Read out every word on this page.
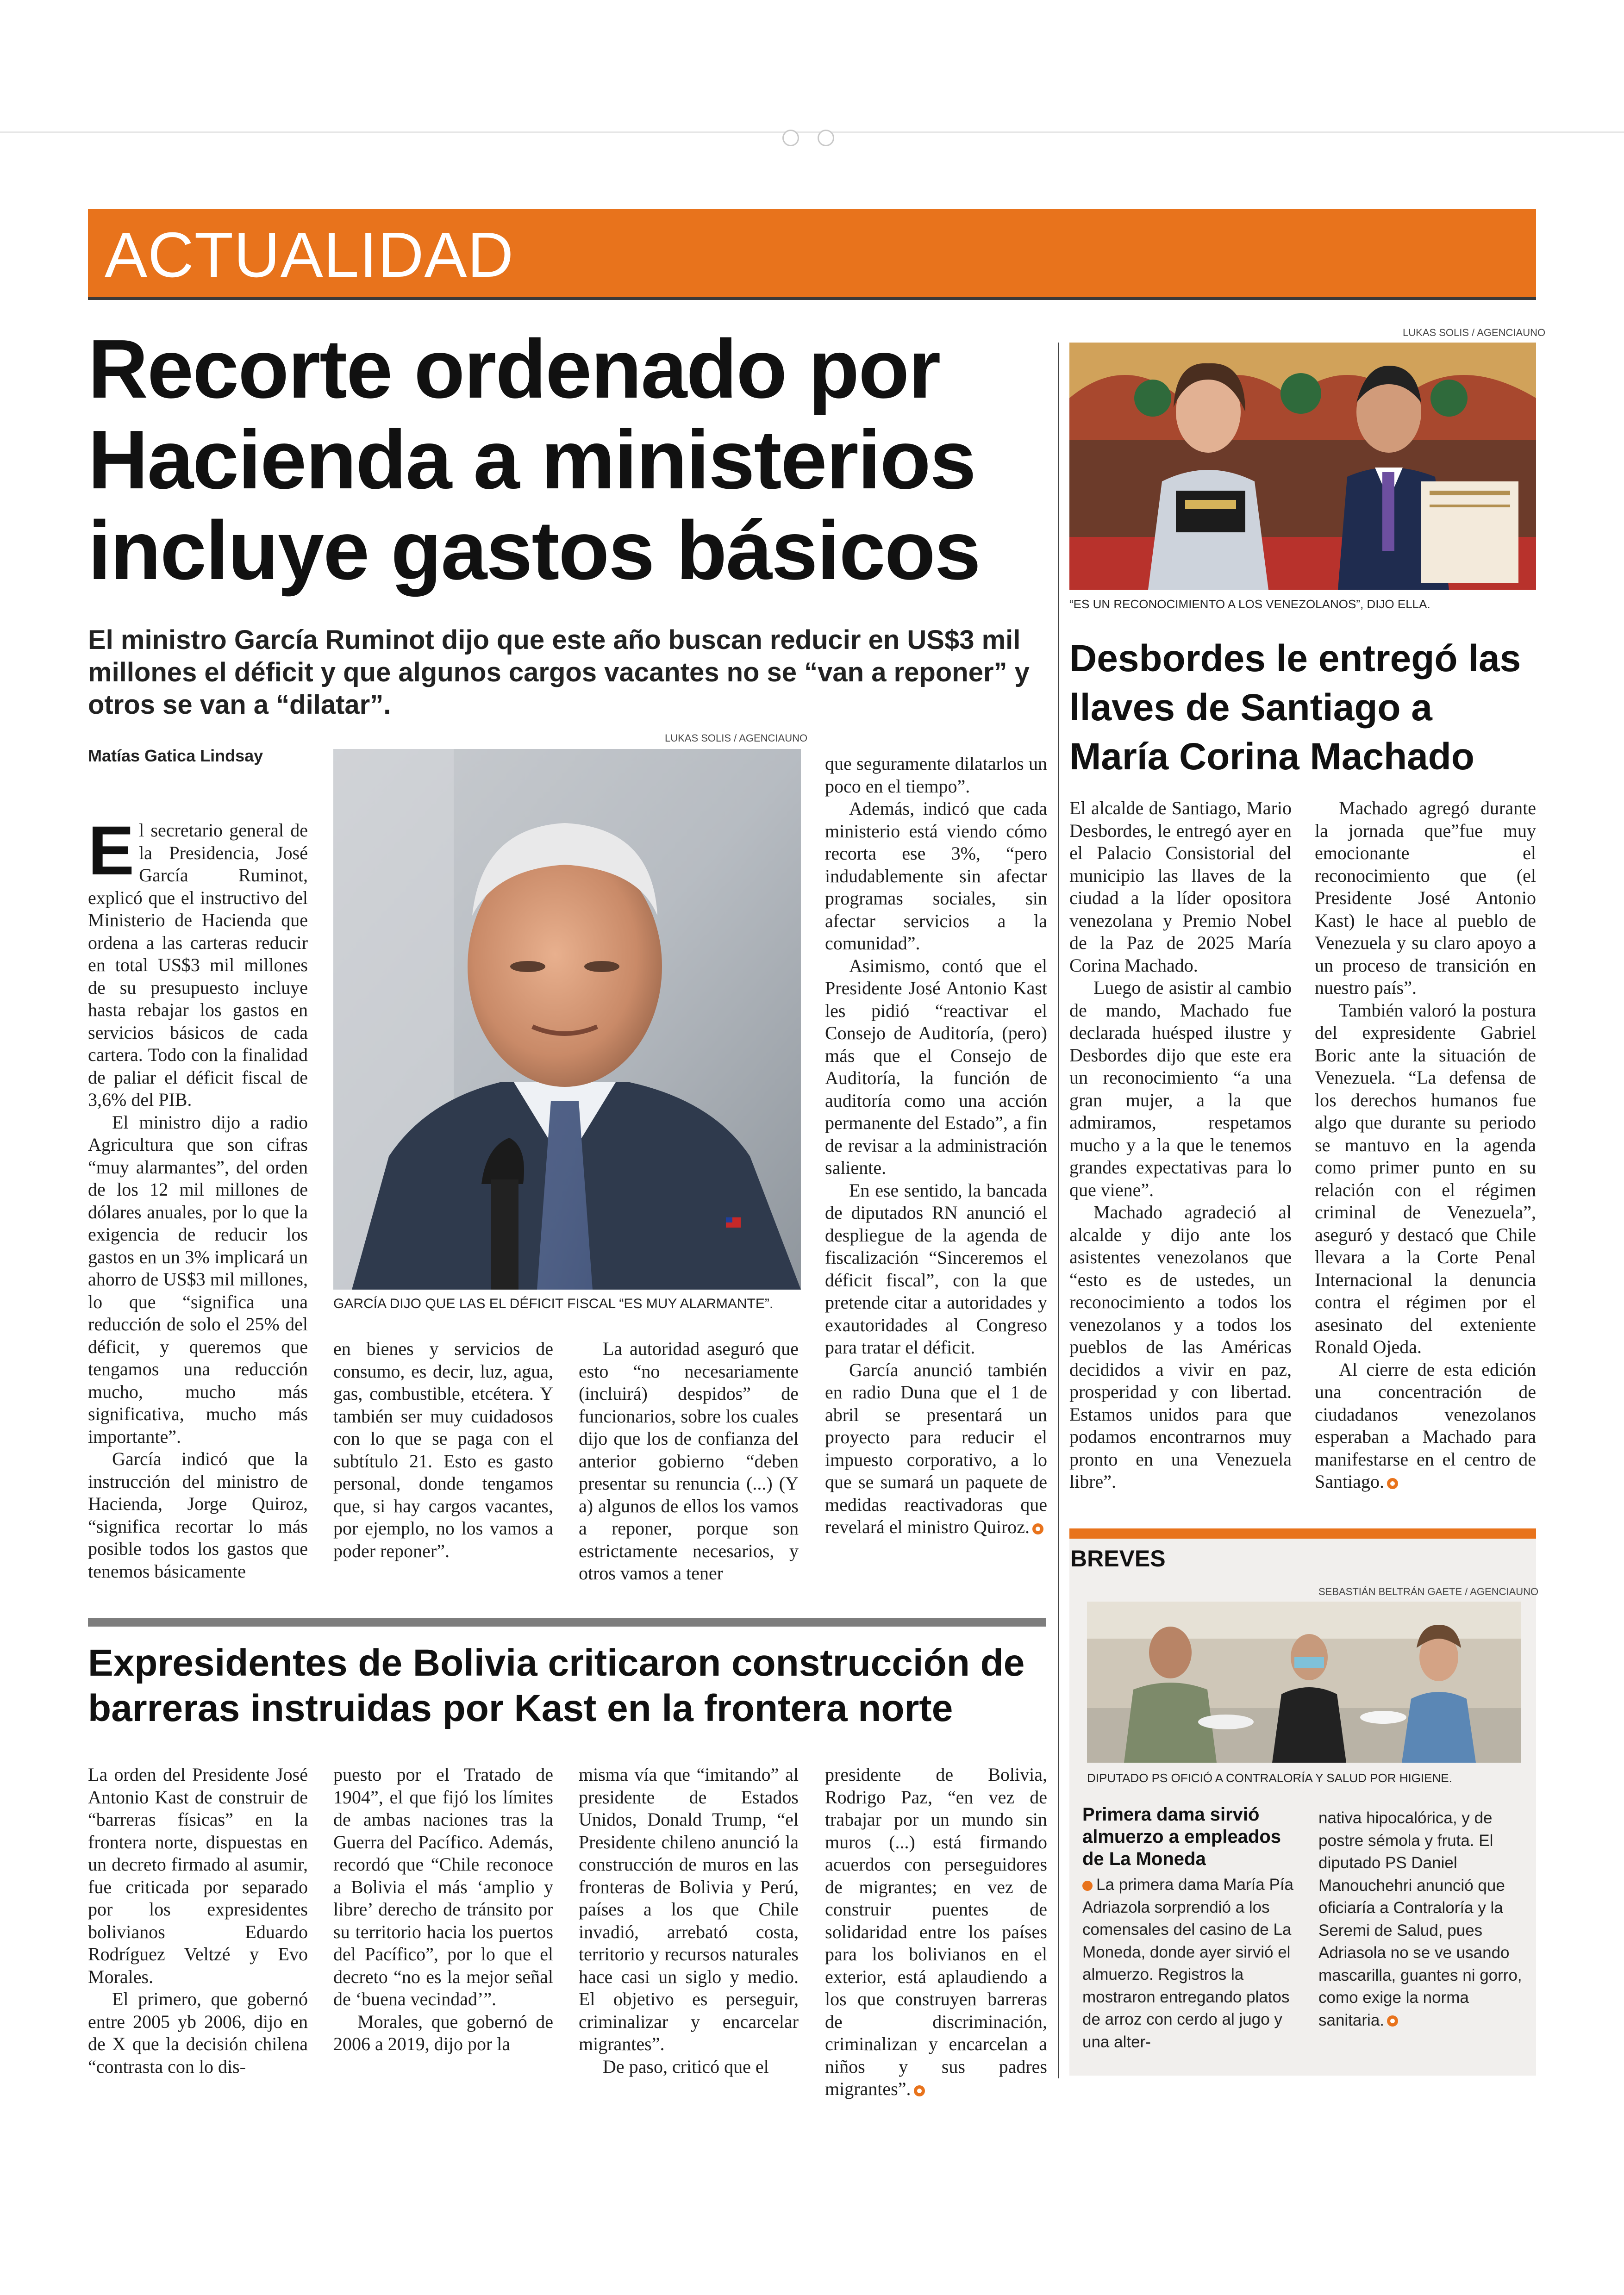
ACTUALIDAD
Recorte ordenado por Hacienda a ministerios incluye gastos básicos
El ministro García Ruminot dijo que este año buscan reducir en US$3 mil millones el déficit y que algunos cargos vacantes no se “van a reponer” y otros se van a “dilatar”.
Matías Gatica Lindsay
LUKAS SOLIS / AGENCIAUNO
GARCÍA DIJO QUE LAS EL DÉFICIT FISCAL “ES MUY ALARMANTE”.

El secretario general de la Presidencia, José García Ruminot, explicó que el instructivo del Ministerio de Hacienda que ordena a las carteras reducir en total US$3 mil millones de su presupuesto incluye hasta rebajar los gastos en servicios básicos de cada cartera. Todo con la finalidad de paliar el déficit fiscal de 3,6% del PIB.

El ministro dijo a radio Agricultura que son cifras “muy alarmantes”, del orden de los 12 mil millones de dólares anuales, por lo que la exigencia de reducir los gastos en un 3% implicará un ahorro de US$3 mil millones, lo que “significa una reducción de solo el 25% del déficit, y queremos que tengamos una reducción mucho, mucho más significativa, mucho más importante”.

García indicó que la instrucción del ministro de Hacienda, Jorge Quiroz, “significa recortar lo más posible todos los gastos que tenemos básicamente

en bienes y servicios de consumo, es decir, luz, agua, gas, combustible, etcétera. Y también ser muy cuidadosos con lo que se paga con el subtítulo 21. Esto es gasto personal, donde tengamos que, si hay cargos vacantes, por ejemplo, no los vamos a poder reponer”.

La autoridad aseguró que esto “no necesariamente (incluirá) despidos” de funcionarios, sobre los cuales dijo que los de confianza del anterior gobierno “deben presentar su renuncia (...) (Y a) algunos de ellos los vamos a reponer, porque son estrictamente necesarios, y otros vamos a tener

que seguramente dilatarlos un poco en el tiempo”.

Además, indicó que cada ministerio está viendo cómo recorta ese 3%, “pero indudablemente sin afectar programas sociales, sin afectar servicios a la comunidad”.

Asimismo, contó que el Presidente José Antonio Kast les pidió “reactivar el Consejo de Auditoría, (pero) más que el Consejo de Auditoría, la función de auditoría como una acción permanente del Estado”, a fin de revisar a la administración saliente.

En ese sentido, la bancada de diputados RN anunció el despliegue de la agenda de fiscalización “Sinceremos el déficit fiscal”, con la que pretende citar a autoridades y exautoridades al Congreso para tratar el déficit.

García anunció también en radio Duna que el 1 de abril se presentará un proyecto para reducir el impuesto corporativo, a lo que se sumará un paquete de medidas reactivadoras que revelará el ministro Quiroz.

LUKAS SOLIS / AGENCIAUNO
“ES UN RECONOCIMIENTO A LOS VENEZOLANOS”, DIJO ELLA.
Desbordes le entregó las llaves de Santiago a María Corina Machado

El alcalde de Santiago, Mario Desbordes, le entregó ayer en el Palacio Consistorial del municipio las llaves de la ciudad a la líder opositora venezolana y Premio Nobel de la Paz de 2025 María Corina Machado.

Luego de asistir al cambio de mando, Machado fue declarada huésped ilustre y Desbordes dijo que este era un reconocimiento “a una gran mujer, a la que admiramos, respetamos mucho y a la que le tenemos grandes expectativas para lo que viene”.

Machado agradeció al alcalde y dijo ante los asistentes venezolanos que “esto es de ustedes, un reconocimiento a todos los venezolanos y a todos los pueblos de las Américas decididos a vivir en paz, prosperidad y con libertad. Estamos unidos para que podamos encontrarnos muy pronto en una Venezuela libre”.

Machado agregó durante la jornada que”fue muy emocionante el reconocimiento que (el Presidente José Antonio Kast) le hace al pueblo de Venezuela y su claro apoyo a un proceso de transición en nuestro país”.

También valoró la postura del expresidente Gabriel Boric ante la situación de Venezuela. “La defensa de los derechos humanos fue algo que durante su periodo se mantuvo en la agenda como primer punto en su relación con el régimen criminal de Venezuela”, aseguró y destacó que Chile llevara a la Corte Penal Internacional la denuncia contra el régimen por el asesinato del exteniente Ronald Ojeda.

Al cierre de esta edición una concentración de ciudadanos venezolanos esperaban a Machado para manifestarse en el centro de Santiago.

BREVES
SEBASTIÁN BELTRÁN GAETE / AGENCIAUNO
DIPUTADO PS OFICIÓ A CONTRALORÍA Y SALUD POR HIGIENE.
Primera dama sirvió almuerzo a empleados de La Moneda

La primera dama María Pía Adriazola sorprendió a los comensales del casino de La Moneda, donde ayer sirvió el almuerzo. Registros la mostraron entregando platos de arroz con cerdo al jugo y una alter-

nativa hipocalórica, y de postre sémola y fruta. El diputado PS Daniel Manouchehri anunció que oficiaría a Contraloría y la Seremi de Salud, pues Adriasola no se ve usando mascarilla, guantes ni gorro, como exige la norma sanitaria.

Expresidentes de Bolivia criticaron construcción de barreras instruidas por Kast en la frontera norte

La orden del Presidente José Antonio Kast de construir de “barreras físicas” en la frontera norte, dispuestas en un decreto firmado al asumir, fue criticada por separado por los expresidentes bolivianos Eduardo Rodríguez Veltzé y Evo Morales.

El primero, que gobernó entre 2005 yb 2006, dijo en de X que la decisión chilena “contrasta con lo dis-

puesto por el Tratado de 1904”, el que fijó los límites de ambas naciones tras la Guerra del Pacífico. Además, recordó que “Chile reconoce a Bolivia el más ‘amplio y libre’ derecho de tránsito por su territorio hacia los puertos del Pacífico”, por lo que el decreto “no es la mejor señal de ‘buena vecindad’”.

Morales, que gobernó de 2006 a 2019, dijo por la

misma vía que “imitando” al presidente de Estados Unidos, Donald Trump, “el Presidente chileno anunció la construcción de muros en las fronteras de Bolivia y Perú, países a los que Chile invadió, arrebató costa, territorio y recursos naturales hace casi un siglo y medio. El objetivo es perseguir, criminalizar y encarcelar migrantes”.

De paso, criticó que el

presidente de Bolivia, Rodrigo Paz, “en vez de trabajar por un mundo sin muros (...) está firmando acuerdos con perseguidores de migrantes; en vez de construir puentes de solidaridad entre los países para los bolivianos en el exterior, está aplaudiendo a los que construyen barreras de discriminación, criminalizan y encarcelan a niños y sus padres migrantes”.
